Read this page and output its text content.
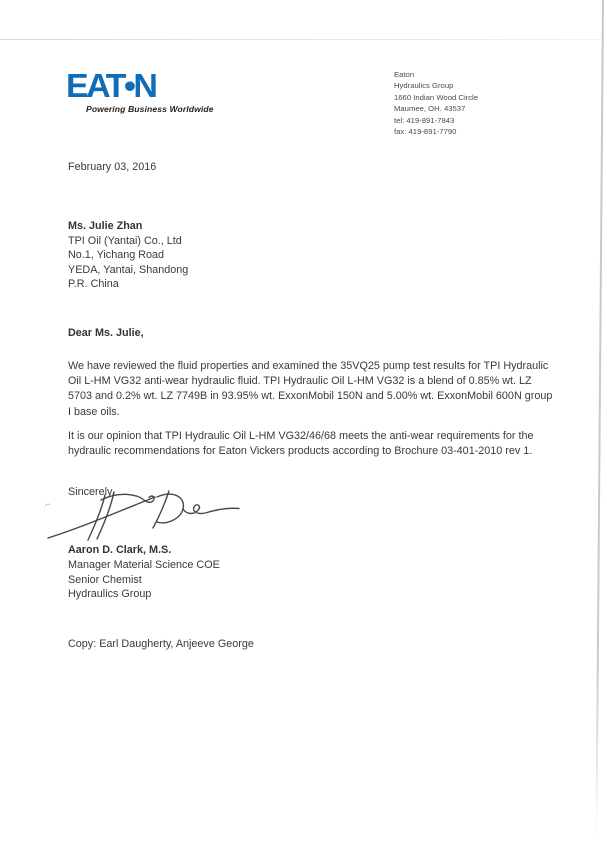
EAT•N
Powering Business Worldwide
Eaton
Hydraulics Group
1660 Indian Wood Circle
Maumee, OH. 43537
tel: 419-891-7843
fax: 419-891-7790
February 03, 2016
Ms. Julie Zhan
TPI Oil (Yantai) Co., Ltd
No.1, Yichang Road
YEDA, Yantai, Shandong
P.R. China
Dear Ms. Julie,

We have reviewed the fluid properties and examined the 35VQ25 pump test results for TPI Hydraulic Oil L-HM VG32 anti-wear hydraulic fluid. TPI Hydraulic Oil L-HM VG32 is a blend of 0.85% wt. LZ 5703 and 0.2% wt. LZ 7749B in 93.95% wt. ExxonMobil 150N and 5.00% wt. ExxonMobil 600N group I base oils.

It is our opinion that TPI Hydraulic Oil L-HM VG32/46/68 meets the anti-wear requirements for the hydraulic recommendations for Eaton Vickers products according to Brochure 03-401-2010 rev 1.

Sincerely,
Aaron D. Clark, M.S.
Manager Material Science COE
Senior Chemist
Hydraulics Group
Copy: Earl Daugherty, Anjeeve George
